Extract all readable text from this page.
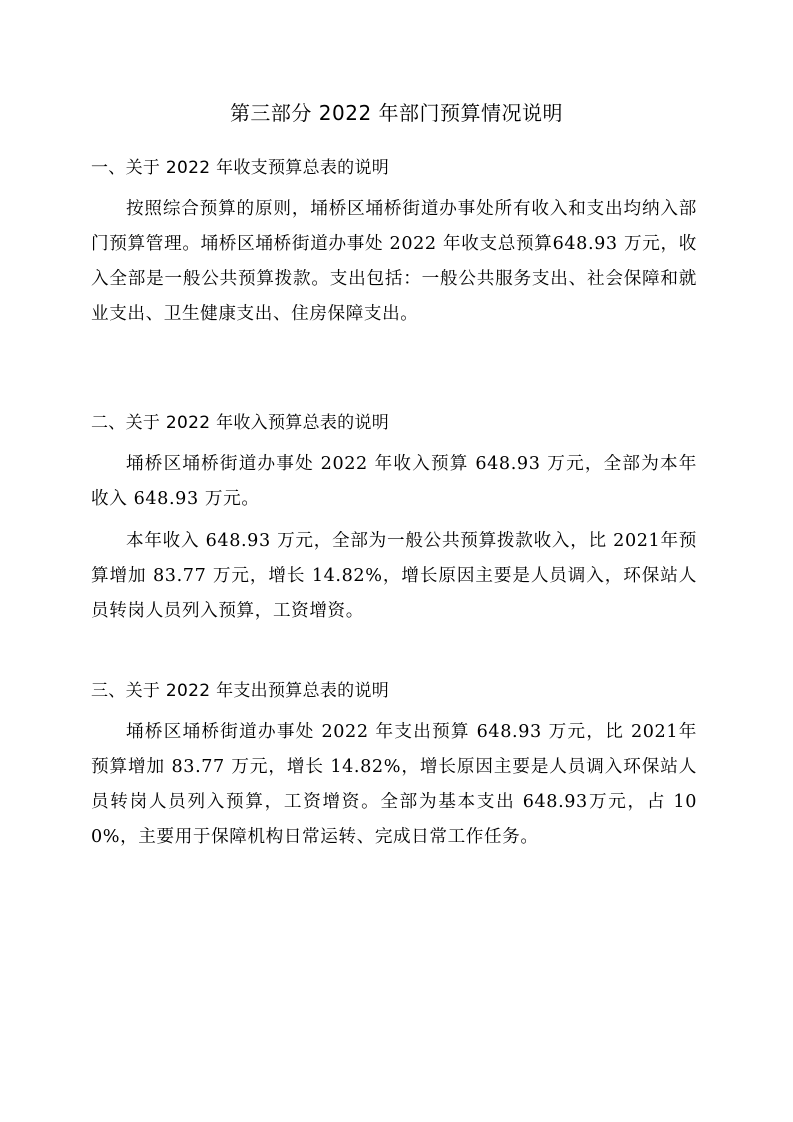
第三部分 2022 年部门预算情况说明
一、关于 2022 年收支预算总表的说明

按照综合预算的原则，埇桥区埇桥街道办事处所有收入和支出均纳入部门预算管理。埇桥区埇桥街道办事处 2022 年收支总预算648.93 万元，收入全部是一般公共预算拨款。支出包括：一般公共服务支出、社会保障和就业支出、卫生健康支出、住房保障支出。

二、关于 2022 年收入预算总表的说明

埇桥区埇桥街道办事处 2022 年收入预算 648.93 万元，全部为本年收入 648.93 万元。

本年收入 648.93 万元，全部为一般公共预算拨款收入，比 2021年预算增加 83.77 万元，增长 14.82%，增长原因主要是人员调入，环保站人员转岗人员列入预算，工资增资。

三、关于 2022 年支出预算总表的说明

埇桥区埇桥街道办事处 2022 年支出预算 648.93 万元，比 2021年预算增加 83.77 万元，增长 14.82%，增长原因主要是人员调入环保站人员转岗人员列入预算，工资增资。全部为基本支出 648.93万元，占 100%，主要用于保障机构日常运转、完成日常工作任务。
